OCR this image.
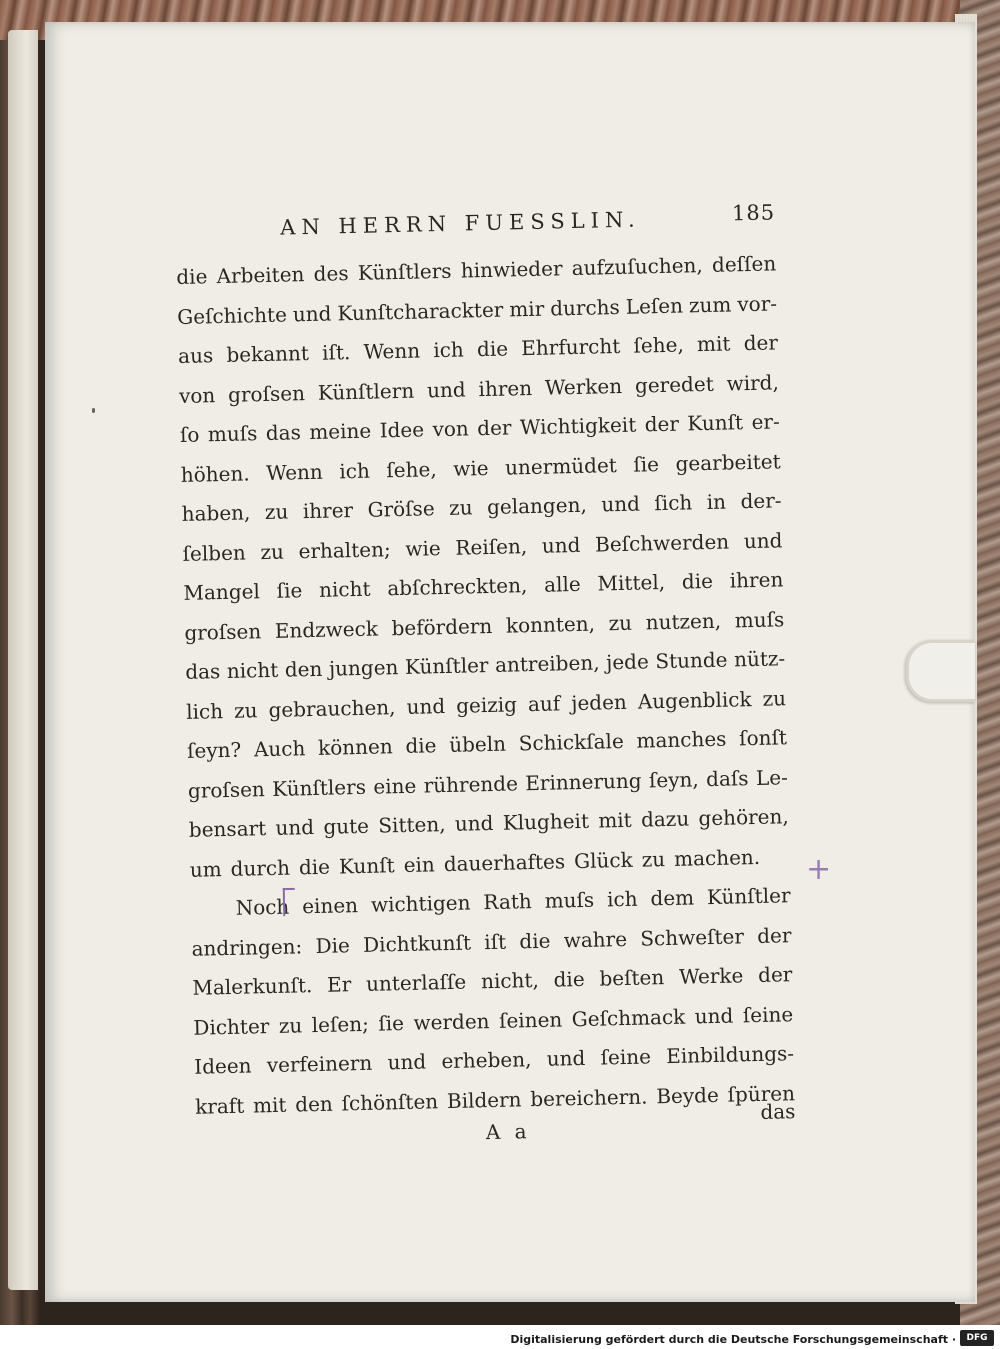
AN HERRN FUESSLIN.	185
die Arbeiten des Künſtlers hinwieder aufzuſuchen, deſſen
Geſchichte und Kunſtcharackter mir durchs Leſen zum vor-
aus bekannt iſt. Wenn ich die Ehrfurcht ſehe, mit der
von groſsen Künſtlern und ihren Werken geredet wird,
ſo muſs das meine Idee von der Wichtigkeit der Kunſt er-
höhen. Wenn ich ſehe, wie unermüdet ſie gearbeitet
haben, zu ihrer Gröſse zu gelangen, und ſich in der-
ſelben zu erhalten; wie Reiſen, und Beſchwerden und
Mangel ſie nicht abſchreckten, alle Mittel, die ihren
groſsen Endzweck befördern konnten, zu nutzen, muſs
das nicht den jungen Künſtler antreiben, jede Stunde nütz-
lich zu gebrauchen, und geizig auf jeden Augenblick zu
ſeyn? Auch können die übeln Schickſale manches ſonſt
groſsen Künſtlers eine rührende Erinnerung ſeyn, daſs Le-
bensart und gute Sitten, und Klugheit mit dazu gehören,
um durch die Kunſt ein dauerhaftes Glück zu machen.
Noch einen wichtigen Rath muſs ich dem Künſtler
andringen: Die Dichtkunſt iſt die wahre Schweſter der
Malerkunſt. Er unterlaſſe nicht, die beſten Werke der
Dichter zu leſen; ſie werden ſeinen Geſchmack und ſeine
Ideen verfeinern und erheben, und ſeine Einbildungs-
kraft mit den ſchönſten Bildern bereichern. Beyde ſpüren
A a
das
+
Digitalisierung gefördert durch die Deutsche Forschungsgemeinschaft ·	DFG
